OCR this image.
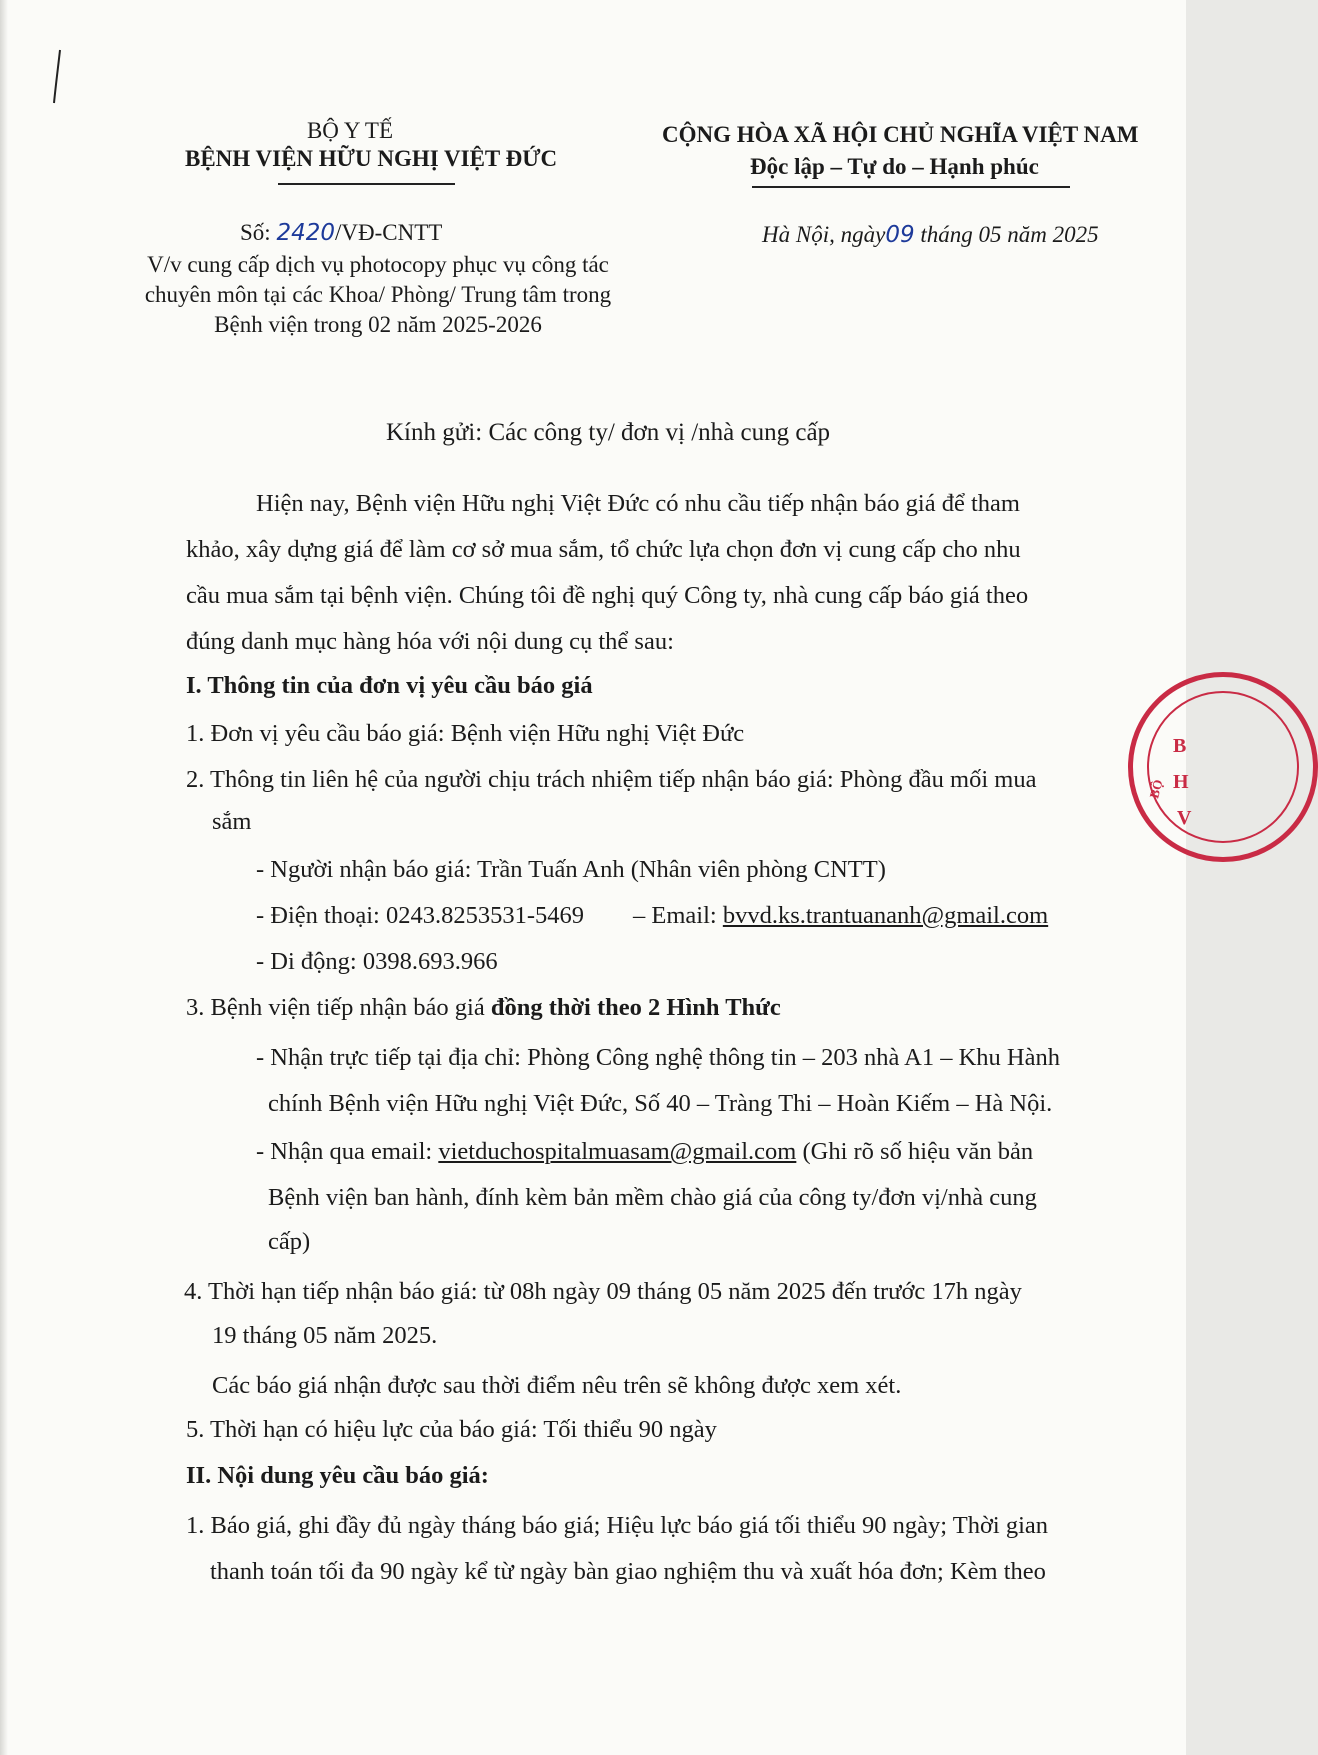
BỘ Y TẾ
BỆNH VIỆN HỮU NGHỊ VIỆT ĐỨC
CỘNG HÒA XÃ HỘI CHỦ NGHĨA VIỆT NAM
Độc lập – Tự do – Hạnh phúc
Số: 2420/VĐ-CNTT
V/v cung cấp dịch vụ photocopy phục vụ công tác
chuyên môn tại các Khoa/ Phòng/ Trung tâm trong
Bệnh viện trong 02 năm 2025-2026
Hà Nội, ngày09 tháng 05 năm 2025
Kính gửi: Các công ty/ đơn vị /nhà cung cấp
Hiện nay, Bệnh viện Hữu nghị Việt Đức có nhu cầu tiếp nhận báo giá để tham
khảo, xây dựng giá để làm cơ sở mua sắm, tổ chức lựa chọn đơn vị cung cấp cho nhu
cầu mua sắm tại bệnh viện. Chúng tôi đề nghị quý Công ty, nhà cung cấp báo giá theo
đúng danh mục hàng hóa với nội dung cụ thể sau:
I. Thông tin của đơn vị yêu cầu báo giá
1. Đơn vị yêu cầu báo giá: Bệnh viện Hữu nghị Việt Đức
2. Thông tin liên hệ của người chịu trách nhiệm tiếp nhận báo giá: Phòng đầu mối mua
sắm
- Người nhận báo giá: Trần Tuấn Anh (Nhân viên phòng CNTT)
- Điện thoại: 0243.8253531-5469 – Email: bvvd.ks.trantuananh@gmail.com
- Di động: 0398.693.966
3. Bệnh viện tiếp nhận báo giá đồng thời theo 2 Hình Thức
- Nhận trực tiếp tại địa chỉ: Phòng Công nghệ thông tin – 203 nhà A1 – Khu Hành
chính Bệnh viện Hữu nghị Việt Đức, Số 40 – Tràng Thi – Hoàn Kiếm – Hà Nội.
- Nhận qua email: vietduchospitalmuasam@gmail.com (Ghi rõ số hiệu văn bản
Bệnh viện ban hành, đính kèm bản mềm chào giá của công ty/đơn vị/nhà cung
cấp)
4. Thời hạn tiếp nhận báo giá: từ 08h ngày 09 tháng 05 năm 2025 đến trước 17h ngày
19 tháng 05 năm 2025.
Các báo giá nhận được sau thời điểm nêu trên sẽ không được xem xét.
5. Thời hạn có hiệu lực của báo giá: Tối thiểu 90 ngày
II. Nội dung yêu cầu báo giá:
1. Báo giá, ghi đầy đủ ngày tháng báo giá; Hiệu lực báo giá tối thiểu 90 ngày; Thời gian
thanh toán tối đa 90 ngày kể từ ngày bàn giao nghiệm thu và xuất hóa đơn; Kèm theo
B
H
V
BỘ
